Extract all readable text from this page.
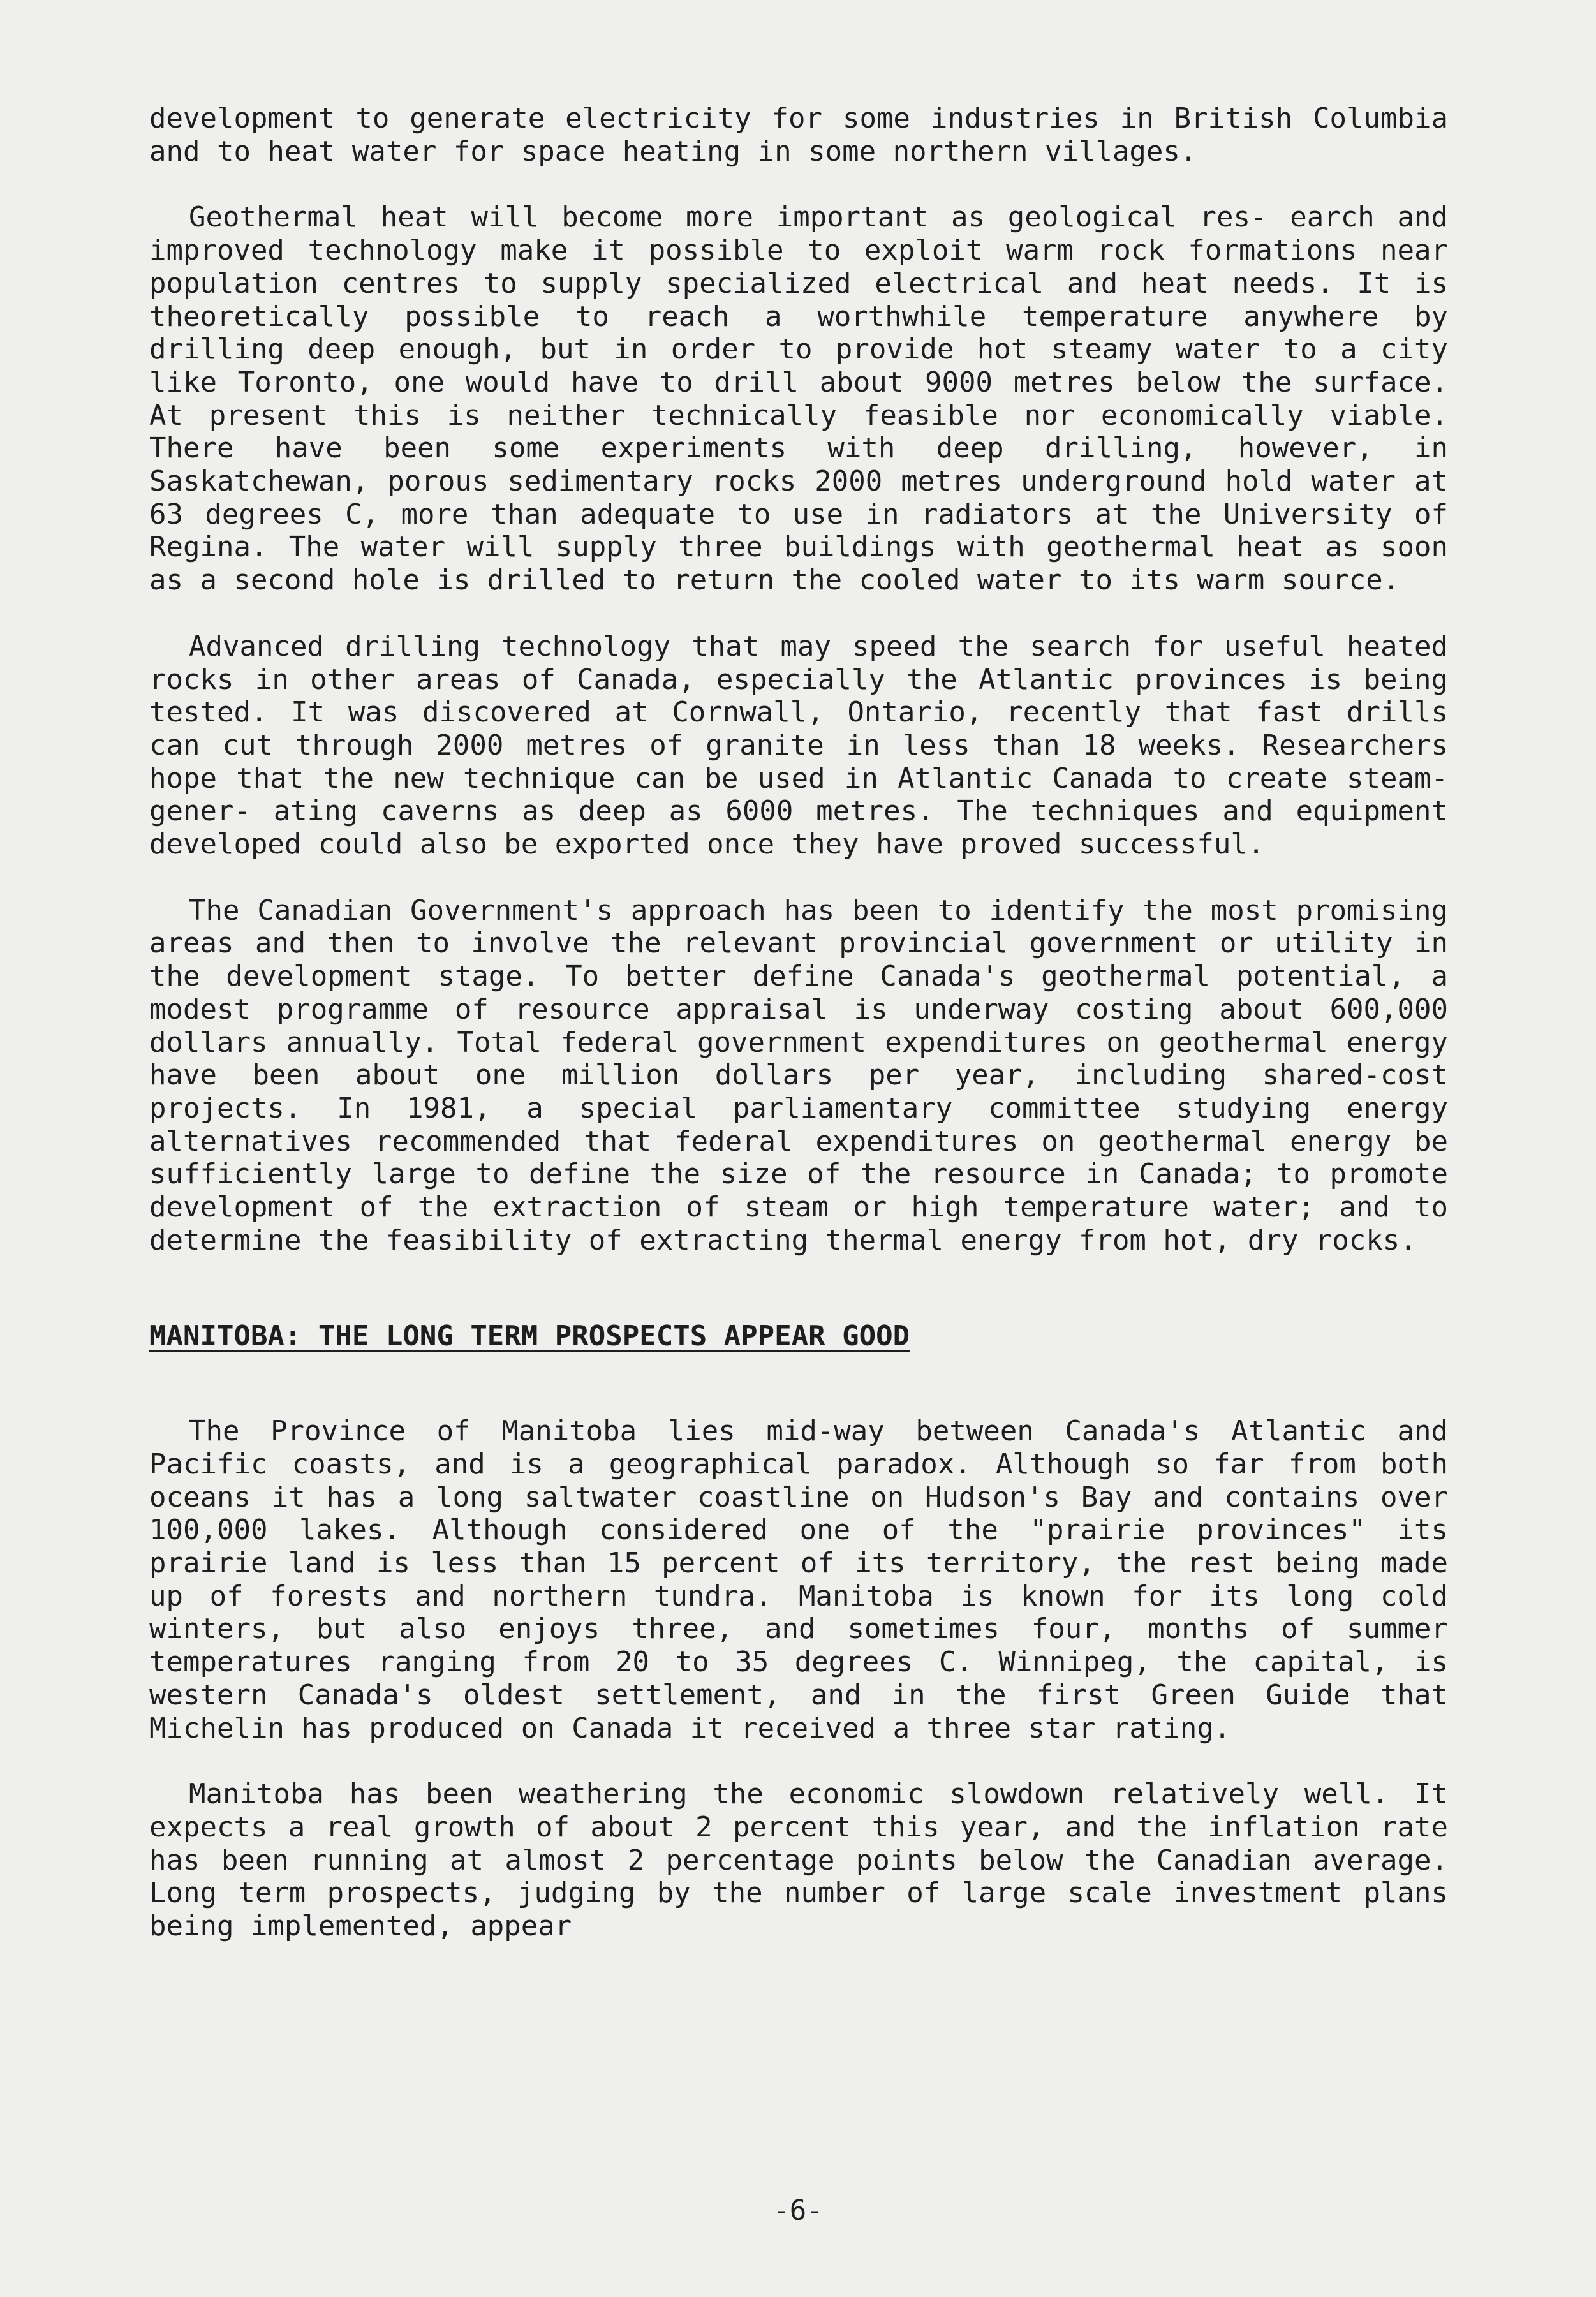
development to generate electricity for some industries in British Columbia and to heat water for space heating in some northern villages.

Geothermal heat will become more important as geological res- earch and improved technology make it possible to exploit warm rock formations near population centres to supply specialized electrical and heat needs. It is theoretically possible to reach a worthwhile temperature anywhere by drilling deep enough, but in order to provide hot steamy water to a city like Toronto, one would have to drill about 9000 metres below the surface. At present this is neither technically feasible nor economically viable. There have been some experiments with deep drilling, however, in Saskatchewan, porous sedimentary rocks 2000 metres underground hold water at 63 degrees C, more than adequate to use in radiators at the University of Regina. The water will supply three buildings with geothermal heat as soon as a second hole is drilled to return the cooled water to its warm source.

Advanced drilling technology that may speed the search for useful heated rocks in other areas of Canada, especially the Atlantic provinces is being tested. It was discovered at Cornwall, Ontario, recently that fast drills can cut through 2000 metres of granite in less than 18 weeks. Researchers hope that the new technique can be used in Atlantic Canada to create steam-gener- ating caverns as deep as 6000 metres. The techniques and equipment developed could also be exported once they have proved successful.

The Canadian Government's approach has been to identify the most promising areas and then to involve the relevant provincial government or utility in the development stage. To better define Canada's geothermal potential, a modest programme of resource appraisal is underway costing about 600,000 dollars annually. Total federal government expenditures on geothermal energy have been about one million dollars per year, including shared-cost projects. In 1981, a special parliamentary committee studying energy alternatives recommended that federal expenditures on geothermal energy be sufficiently large to define the size of the resource in Canada; to promote development of the extraction of steam or high temperature water; and to determine the feasibility of extracting thermal energy from hot, dry rocks.

MANITOBA: THE LONG TERM PROSPECTS APPEAR GOOD

The Province of Manitoba lies mid-way between Canada's Atlantic and Pacific coasts, and is a geographical paradox. Although so far from both oceans it has a long saltwater coastline on Hudson's Bay and contains over 100,000 lakes. Although considered one of the "prairie provinces" its prairie land is less than 15 percent of its territory, the rest being made up of forests and northern tundra. Manitoba is known for its long cold winters, but also enjoys three, and sometimes four, months of summer temperatures ranging from 20 to 35 degrees C. Winnipeg, the capital, is western Canada's oldest settlement, and in the first Green Guide that Michelin has produced on Canada it received a three star rating.

Manitoba has been weathering the economic slowdown relatively well. It expects a real growth of about 2 percent this year, and the inflation rate has been running at almost 2 percentage points below the Canadian average. Long term prospects, judging by the number of large scale investment plans being implemented, appear

-6-
